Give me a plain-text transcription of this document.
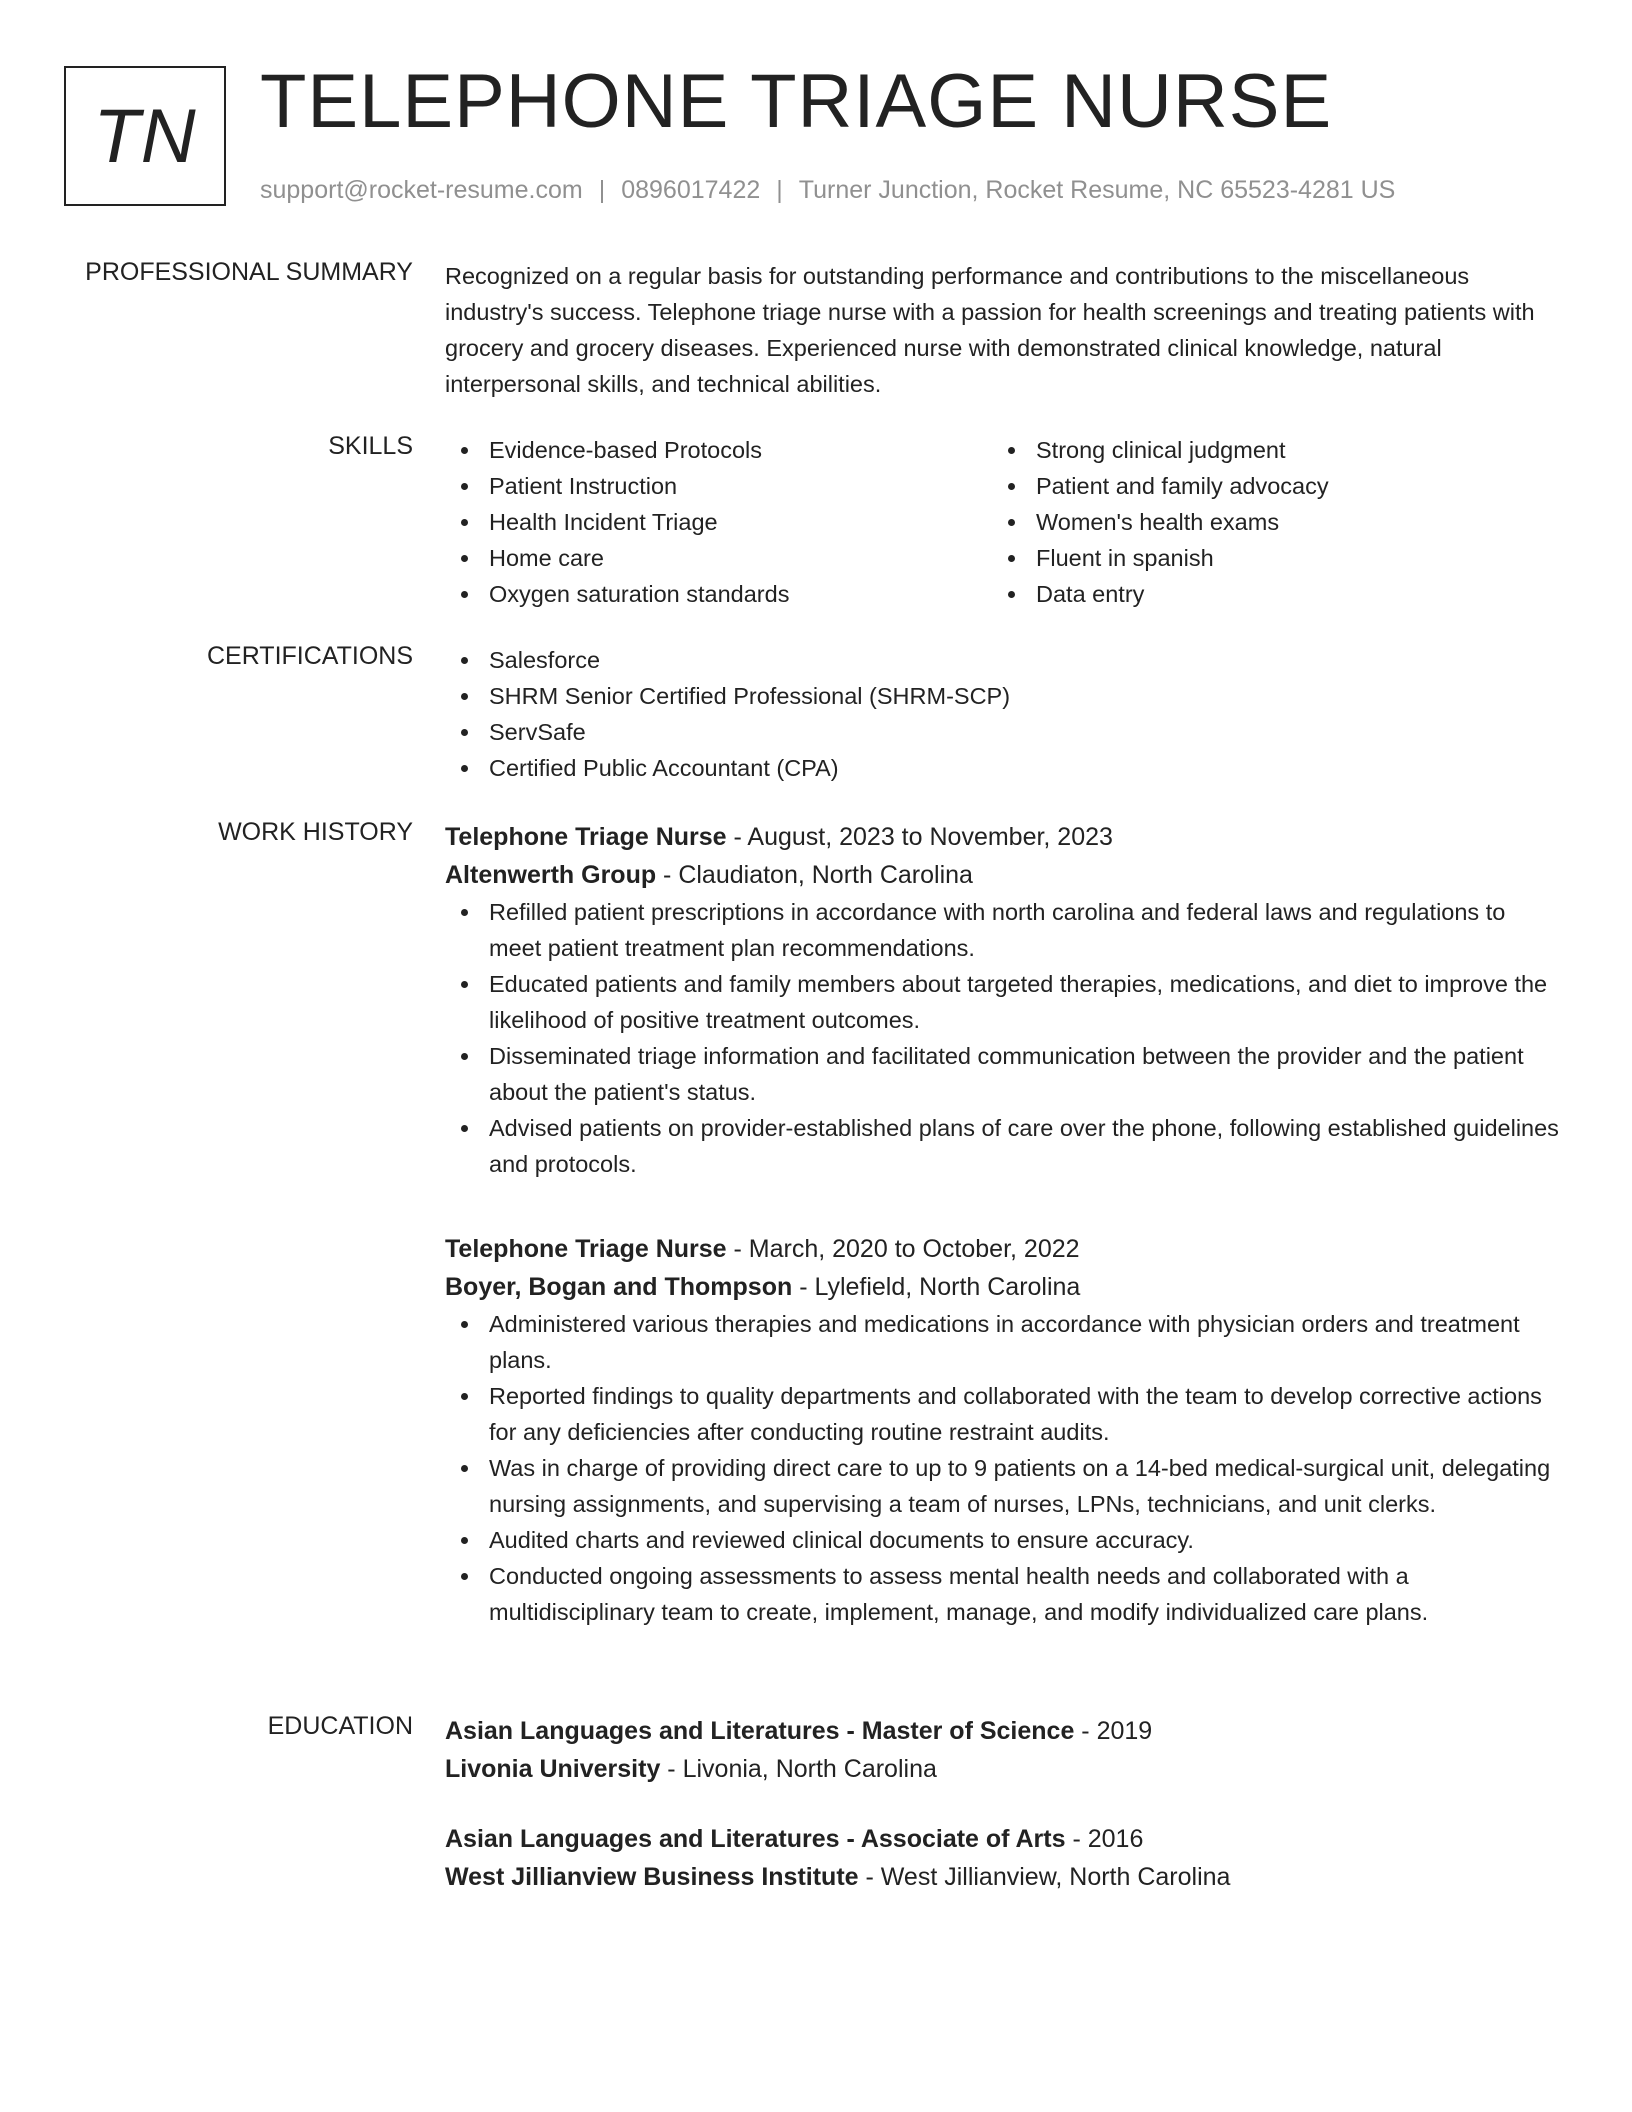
TN TELEPHONE TRIAGE NURSE
support@rocket-resume.com | 0896017422 | Turner Junction, Rocket Resume, NC 65523-4281 US
PROFESSIONAL SUMMARY Recognized on a regular basis for outstanding performance and contributions to the miscellaneous industry's success. Telephone triage nurse with a passion for health screenings and treating patients with grocery and grocery diseases. Experienced nurse with demonstrated clinical knowledge, natural interpersonal skills, and technical abilities.
SKILLS	Evidence-based Protocols
Patient Instruction
Health Incident Triage
Home care
Oxygen saturation standards
Strong clinical judgment
Patient and family advocacy
Women's health exams
Fluent in spanish
Data entry
CERTIFICATIONS	Salesforce
SHRM Senior Certified Professional (SHRM-SCP)
ServSafe
Certified Public Accountant (CPA)
WORK HISTORY Telephone Triage Nurse - August, 2023 to November, 2023
Altenwerth Group - Claudiaton, North Carolina
Refilled patient prescriptions in accordance with north carolina and federal laws and regulations to meet patient treatment plan recommendations.
Educated patients and family members about targeted therapies, medications, and diet to improve the likelihood of positive treatment outcomes.
Disseminated triage information and facilitated communication between the provider and the patient about the patient's status.
Advised patients on provider-established plans of care over the phone, following established guidelines and protocols.
Telephone Triage Nurse - March, 2020 to October, 2022
Boyer, Bogan and Thompson - Lylefield, North Carolina
Administered various therapies and medications in accordance with physician orders and treatment plans.
Reported findings to quality departments and collaborated with the team to develop corrective actions for any deficiencies after conducting routine restraint audits.
Was in charge of providing direct care to up to 9 patients on a 14-bed medical-surgical unit, delegating nursing assignments, and supervising a team of nurses, LPNs, technicians, and unit clerks.
Audited charts and reviewed clinical documents to ensure accuracy.
Conducted ongoing assessments to assess mental health needs and collaborated with a multidisciplinary team to create, implement, manage, and modify individualized care plans.
EDUCATION Asian Languages and Literatures - Master of Science - 2019
Livonia University - Livonia, North Carolina
Asian Languages and Literatures - Associate of Arts - 2016
West Jillianview Business Institute - West Jillianview, North Carolina
